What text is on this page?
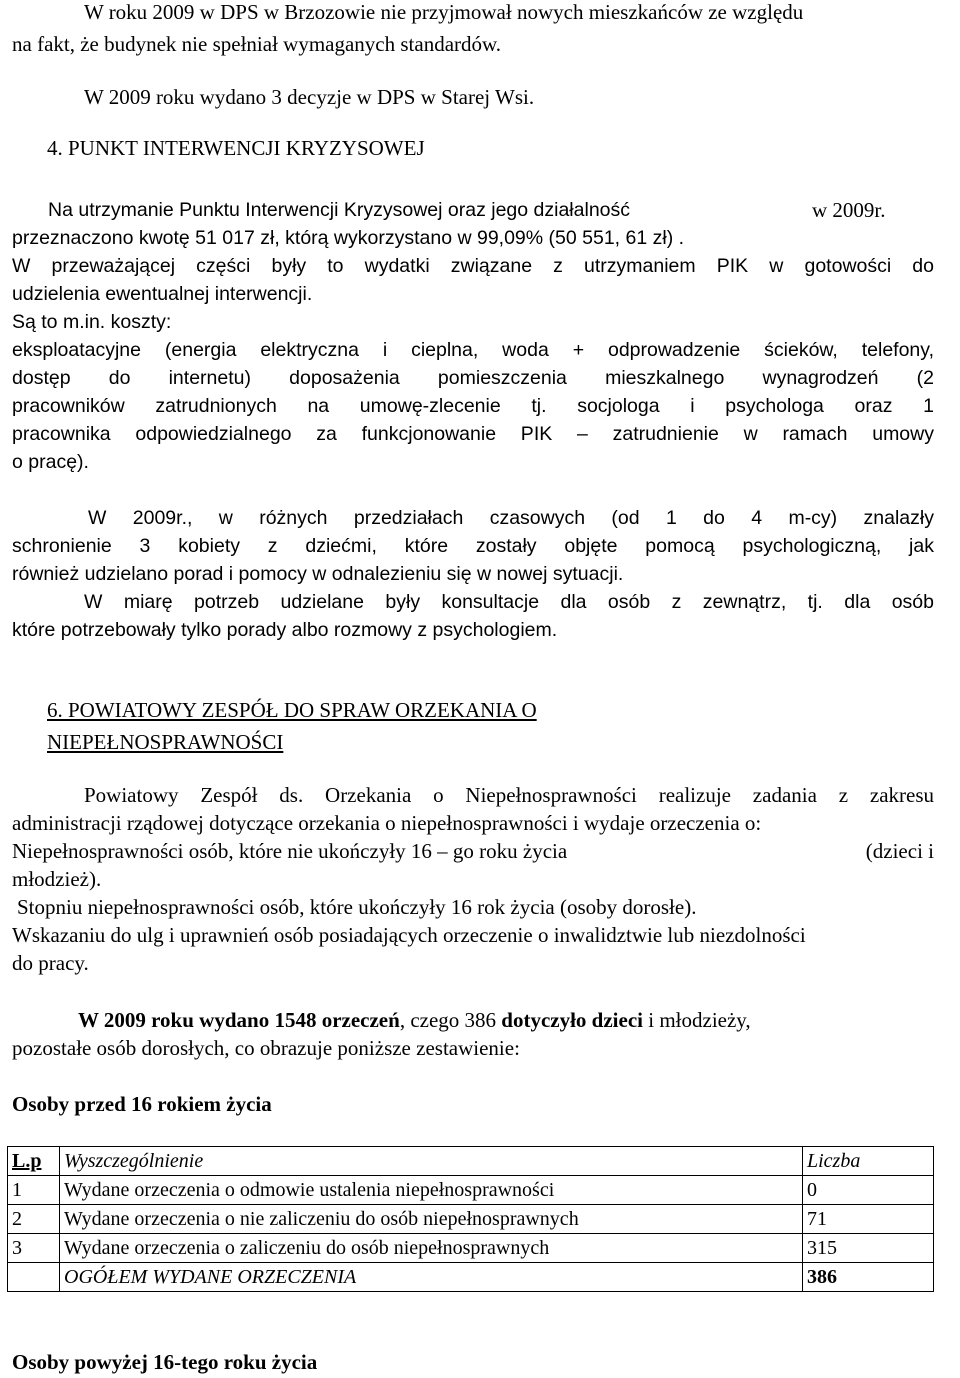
W roku 2009 w DPS w Brzozowie nie przyjmował nowych mieszkańców ze względu
na fakt, że budynek nie spełniał wymaganych standardów.
W 2009 roku wydano 3 decyzje w DPS w Starej Wsi.
4. PUNKT INTERWENCJI KRYZYSOWEJ
Na utrzymanie Punktu Interwencji Kryzysowej oraz jego działalność	w 2009r.
przeznaczono kwotę 51 017 zł, którą wykorzystano w 99,09% (50 551, 61 zł) .
W przeważającej części były to wydatki związane z utrzymaniem PIK w gotowości do
udzielenia ewentualnej interwencji.
Są to m.in. koszty:
eksploatacyjne (energia elektryczna i cieplna, woda + odprowadzenie ścieków, telefony,
dostęp do internetu) doposażenia pomieszczenia mieszkalnego wynagrodzeń (2
pracowników zatrudnionych na umowę-zlecenie tj. socjologa i psychologa oraz 1
pracownika odpowiedzialnego za funkcjonowanie PIK – zatrudnienie w ramach umowy
o pracę).
W 2009r., w różnych przedziałach czasowych (od 1 do 4 m-cy) znalazły
schronienie 3 kobiety z dziećmi, które zostały objęte pomocą psychologiczną, jak
również udzielano porad i pomocy w odnalezieniu się w nowej sytuacji.
W miarę potrzeb udzielane były konsultacje dla osób z zewnątrz, tj. dla osób
które potrzebowały tylko porady albo rozmowy z psychologiem.
6. POWIATOWY ZESPÓŁ DO SPRAW ORZEKANIA O
NIEPEŁNOSPRAWNOŚCI
Powiatowy Zespół ds. Orzekania o Niepełnosprawności realizuje zadania z zakresu
administracji rządowej dotyczące orzekania o niepełnosprawności i wydaje orzeczenia o:
Niepełnosprawności osób, które nie ukończyły 16 – go roku życia	(dzieci i
młodzież).
Stopniu niepełnosprawności osób, które ukończyły 16 rok życia (osoby dorosłe).
Wskazaniu do ulg i uprawnień osób posiadających orzeczenie o inwalidztwie lub niezdolności
do pracy.
W 2009 roku wydano 1548 orzeczeń, czego 386 dotyczyło dzieci i młodzieży,
pozostałe osób dorosłych, co obrazuje poniższe zestawienie:
Osoby przed 16 rokiem życia
L.p	Wyszczególnienie	Liczba
1	Wydane orzeczenia o odmowie ustalenia niepełnosprawności	0
2	Wydane orzeczenia o nie zaliczeniu do osób niepełnosprawnych	71
3	Wydane orzeczenia o zaliczeniu do osób niepełnosprawnych	315
	OGÓŁEM WYDANE ORZECZENIA	386
Osoby powyżej 16-tego roku życia
